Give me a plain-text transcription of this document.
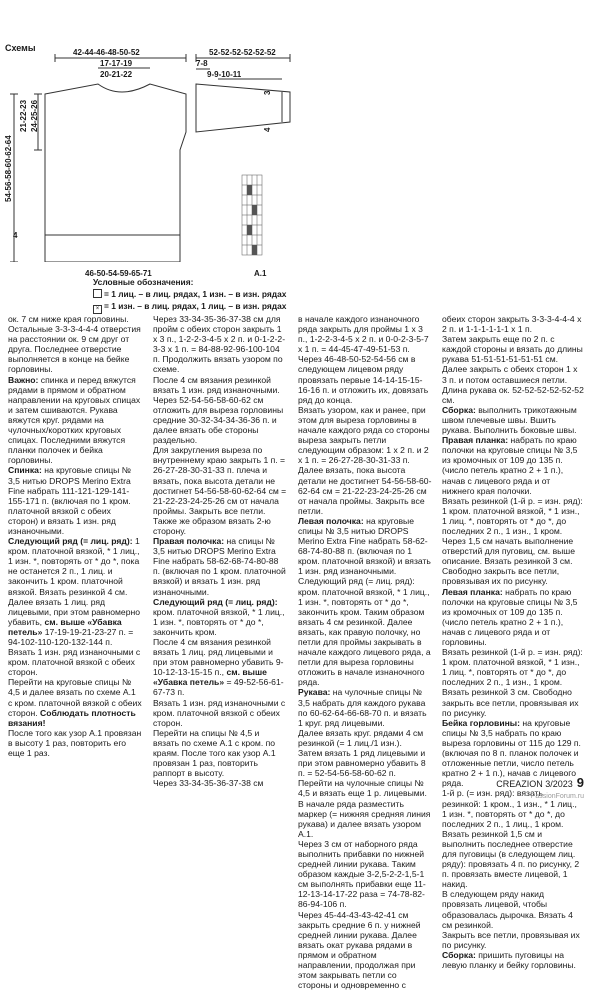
Схемы	42-44-46-48-50-52
17-17-19
20-21-22
52-52-52-52-52-52
7-8
9-9-10-11
21-22-23 24-25-26
54-56-58-60-62-64
3
4
4
46-50-54-59-65-71	A.1
Условные обозначения:
= 1 лиц. – в лиц. рядах, 1 изн. – в изн. рядах
× = 1 изн. – в лиц. рядах, 1 лиц. – в изн. рядах

ок. 7 см ниже края горловины. Остальные 3-3-3-4-4-4 отверстия на расстоянии ок. 9 см друг от друга. Последнее отверстие выполняется в конце на бейке горловины.

Важно: спинка и перед вяжутся рядами в прямом и обратном направлении на круговых спицах и затем сшиваются. Рукава вяжутся круг. рядами на чулочных/коротких круговых спицах. Последними вяжутся планки полочек и бейка горловины.

Спинка: на круговые спицы № 3,5 нитью DROPS Merino Extra Fine набрать 111-121-129-141-155-171 п. (включая по 1 кром. платочной вязкой с обеих сторон) и вязать 1 изн. ряд изнаночными.

Следующий ряд (= лиц. ряд): 1 кром. платочной вязкой, * 1 лиц., 1 изн. *, повторять от * до *, пока не останется 2 п., 1 лиц. и закончить 1 кром. платочной вязкой. Вязать резинкой 4 см.

Далее вязать 1 лиц. ряд лицевыми, при этом равномерно убавить, см. выше «Убавка петель» 17-19-19-21-23-27 п. = 94-102-110-120-132-144 п.

Вязать 1 изн. ряд изнаночными с кром. платочной вязкой с обеих сторон.

Перейти на круговые спицы № 4,5 и далее вязать по схеме A.1 с кром. платочной вязкой с обеих сторон. Соблюдать плотность вязания!

После того как узор A.1 провязан в высоту 1 раз, повторить его еще 1 раз.

Через 33-34-35-36-37-38 см для пройм с обеих сторон закрыть 1 х 3 п., 1-2-2-3-4-5 х 2 п. и 0-1-2-2-3-3 х 1 п. = 84-88-92-96-100-104 п. Продолжить вязать узором по схеме.

После 4 см вязания резинкой вязать 1 изн. ряд изнаночными.

Через 52-54-56-58-60-62 см отложить для выреза горловины средние 30-32-34-34-36-36 п. и далее вязать обе стороны раздельно.

Для закругления выреза по внутреннему краю закрыть 1 п. = 26-27-28-30-31-33 п. плеча и вязать, пока высота детали не достигнет 54-56-58-60-62-64 см = 21-22-23-24-25-26 см от начала проймы. Закрыть все петли. Также же образом вязать 2-ю сторону.

Правая полочка: на спицы № 3,5 нитью DROPS Merino Extra Fine набрать 58-62-68-74-80-88 п. (включая по 1 кром. платочной вязкой) и вязать 1 изн. ряд изнаночными.

Следующий ряд (= лиц. ряд): кром. платочной вязкой, * 1 лиц., 1 изн. *, повторять от * до *, закончить кром.

После 4 см вязания резинкой вязать 1 лиц. ряд лицевыми и при этом равномерно убавить 9-10-12-13-15-15 п., см. выше «Убавка петель» = 49-52-56-61-67-73 п.

Вязать 1 изн. ряд изнаночными с кром. платочной вязкой с обеих сторон.

Перейти на спицы № 4,5 и вязать по схеме A.1 с кром. по краям. После того как узор A.1 провязан 1 раз, повторить раппорт в высоту.

Через 33-34-35-36-37-38 см

в начале каждого изнаночного ряда закрыть для проймы 1 х 3 п., 1-2-2-3-4-5 х 2 п. и 0-0-2-3-5-7 х 1 п. = 44-45-47-49-51-53 п.

Через 46-48-50-52-54-56 см в следующем лицевом ряду провязать первые 14-14-15-15-16-16 п. и отложить их, довязать ряд до конца.

Вязать узором, как и ранее, при этом для выреза горловины в начале каждого ряда со стороны выреза закрыть петли следующим образом: 1 х 2 п. и 2 х 1 п. = 26-27-28-30-31-33 п.

Далее вязать, пока высота детали не достигнет 54-56-58-60-62-64 см = 21-22-23-24-25-26 см от начала проймы. Закрыть все петли.

Левая полочка: на круговые спицы № 3,5 нитью DROPS Merino Extra Fine набрать 58-62-68-74-80-88 п. (включая по 1 кром. платочной вязкой) и вязать 1 изн. ряд изнаночными.

Следующий ряд (= лиц. ряд): кром. платочной вязкой, * 1 лиц., 1 изн. *, повторять от * до *, закончить кром. Таким образом вязать 4 см резинкой. Далее вязать, как правую полочку, но петли для проймы закрывать в начале каждого лицевого ряда, а петли для выреза горловины отложить в начале изнаночного ряда.

Рукава: на чулочные спицы № 3,5 набрать для каждого рукава по 60-62-64-66-68-70 п. и вязать 1 круг. ряд лицевыми.

Далее вязать круг. рядами 4 см резинкой (= 1 лиц./1 изн.).

Затем вязать 1 ряд лицевыми и при этом равномерно убавить 8 п. = 52-54-56-58-60-62 п.

Перейти на чулочные спицы № 4,5 и вязать еще 1 р. лицевыми. В начале ряда разместить маркер (= нижняя средняя линия рукава) и далее вязать узором A.1.

Через 3 см от наборного ряда выполнить прибавки по нижней средней линии рукава. Таким образом каждые 3-2,5-2-2-1,5-1 см выполнять прибавки еще 11-12-13-14-17-22 раза = 74-78-82-86-94-106 п.

Через 45-44-43-43-42-41 см закрыть средние 6 п. у нижней средней линии рукава. Далее вязать окат рукава рядами в прямом и обратном направлении, продолжая при этом закрывать петли со стороны и одновременно с

обеих сторон закрыть 3-3-3-4-4-4 х 2 п. и 1-1-1-1-1-1 х 1 п.

Затем закрыть еще по 2 п. с каждой стороны и вязать до длины рукава 51-51-51-51-51-51 см. Далее закрыть с обеих сторон 1 х 3 п. и потом оставшиеся петли. Длина рукава ок. 52-52-52-52-52-52 см.

Сборка: выполнить трикотажным швом плечевые швы. Вшить рукава. Выполнить боковые швы.

Правая планка: набрать по краю полочки на круговые спицы № 3,5 из кромочных от 109 до 135 п. (число петель кратно 2 + 1 п.), начав с лицевого ряда и от нижнего края полочки.

Вязать резинкой (1-й р. = изн. ряд): 1 кром. платочной вязкой, * 1 изн., 1 лиц. *, повторять от * до *, до последних 2 п., 1 изн., 1 кром.

Через 1,5 см начать выполнение отверстий для пуговиц, см. выше описание. Вязать резинкой 3 см. Свободно закрыть все петли, провязывая их по рисунку.

Левая планка: набрать по краю полочки на круговые спицы № 3,5 из кромочных от 109 до 135 п. (число петель кратно 2 + 1 п.), начав с лицевого ряда и от горловины.

Вязать резинкой (1-й р. = изн. ряд): 1 кром. платочной вязкой, * 1 изн., 1 лиц. *, повторять от * до *, до последних 2 п., 1 изн., 1 кром. Вязать резинкой 3 см. Свободно закрыть все петли, провязывая их по рисунку.

Бейка горловины: на круговые спицы № 3,5 набрать по краю выреза горловины от 115 до 129 п. (включая по 8 п. планок полочек и отложенные петли, число петель кратно 2 + 1 п.), начав с лицевого ряда.

1-й р. (= изн. ряд): вязать резинкой: 1 кром., 1 изн., * 1 лиц., 1 изн. *, повторять от * до *, до последних 2 п., 1 лиц., 1 кром. Вязать резинкой 1,5 см и выполнить последнее отверстие для пуговицы (в следующем лиц. ряду): провязать 4 п. по рисунку, 2 п. провязать вместе лицевой, 1 накид.

В следующем ряду накид провязать лицевой, чтобы образовалась дырочка. Вязать 4 см резинкой.

Закрыть все петли, провязывая их по рисунку.

Сборка: пришить пуговицы на левую планку и бейку горловины.

CREAZION 3/2023 9
PassionForum.ru
